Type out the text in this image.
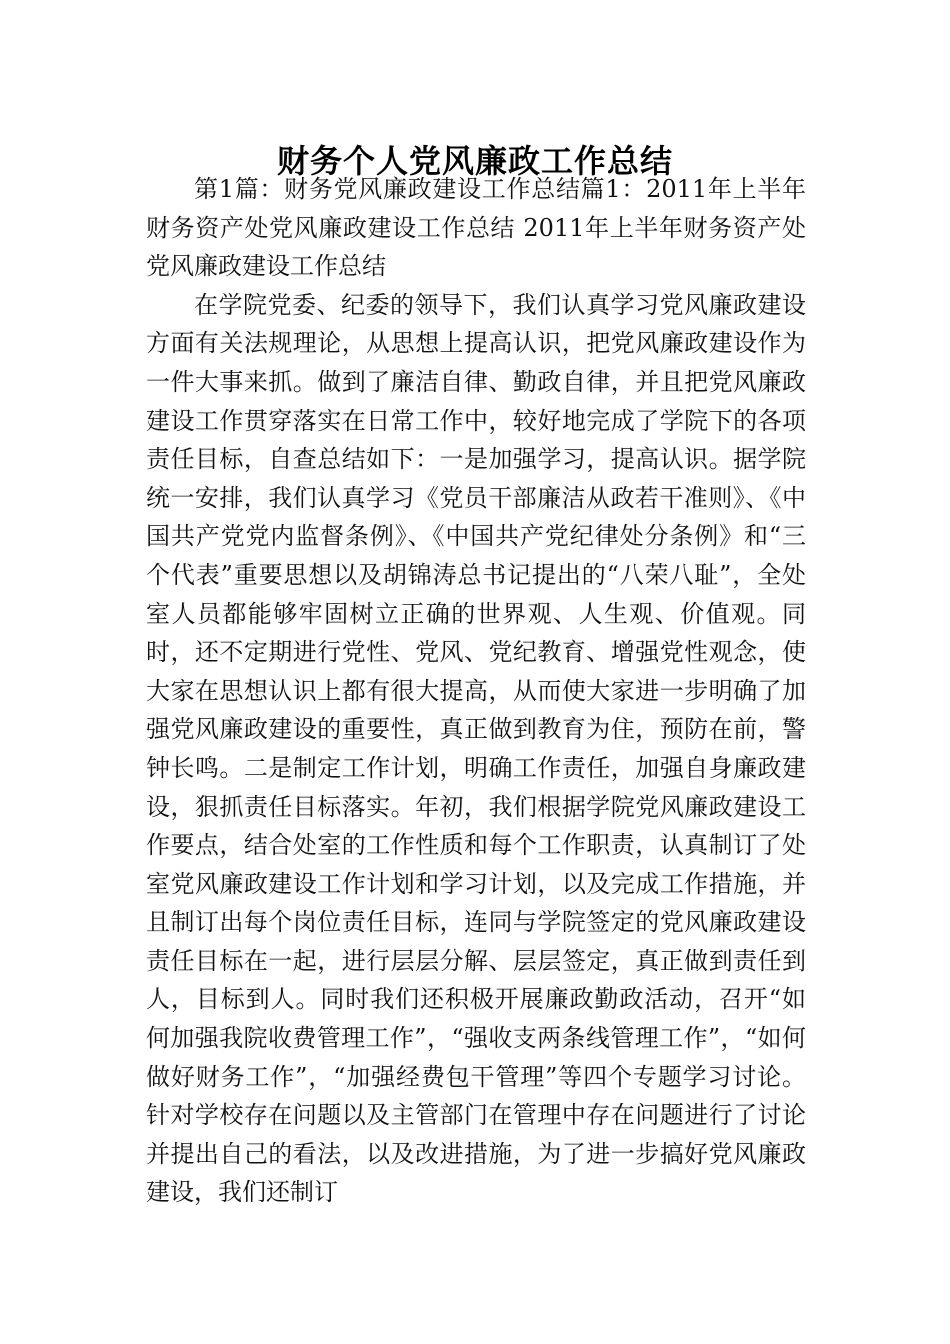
财务个人党风廉政工作总结

第1篇：财务党风廉政建设工作总结篇1：2011年上半年财务资产处党风廉政建设工作总结 2011年上半年财务资产处党风廉政建设工作总结

在学院党委、纪委的领导下，我们认真学习党风廉政建设方面有关法规理论，从思想上提高认识，把党风廉政建设作为一件大事来抓。做到了廉洁自律、勤政自律，并且把党风廉政建设工作贯穿落实在日常工作中，较好地完成了学院下的各项责任目标，自查总结如下：一是加强学习，提高认识。据学院统一安排，我们认真学习《党员干部廉洁从政若干准则》、《中国共产党党内监督条例》、《中国共产党纪律处分条例》和“三个代表”重要思想以及胡锦涛总书记提出的“八荣八耻”，全处室人员都能够牢固树立正确的世界观、人生观、价值观。同时，还不定期进行党性、党风、党纪教育、增强党性观念，使大家在思想认识上都有很大提高，从而使大家进一步明确了加强党风廉政建设的重要性，真正做到教育为住，预防在前，警钟长鸣。二是制定工作计划，明确工作责任，加强自身廉政建设，狠抓责任目标落实。年初，我们根据学院党风廉政建设工作要点，结合处室的工作性质和每个工作职责，认真制订了处室党风廉政建设工作计划和学习计划，以及完成工作措施，并且制订出每个岗位责任目标，连同与学院签定的党风廉政建设责任目标在一起，进行层层分解、层层签定，真正做到责任到人，目标到人。同时我们还积极开展廉政勤政活动，召开“如何加强我院收费管理工作”，“强收支两条线管理工作”，“如何做好财务工作”，“加强经费包干管理”等四个专题学习讨论。针对学校存在问题以及主管部门在管理中存在问题进行了讨论并提出自己的看法，以及改进措施，为了进一步搞好党风廉政建设，我们还制订
